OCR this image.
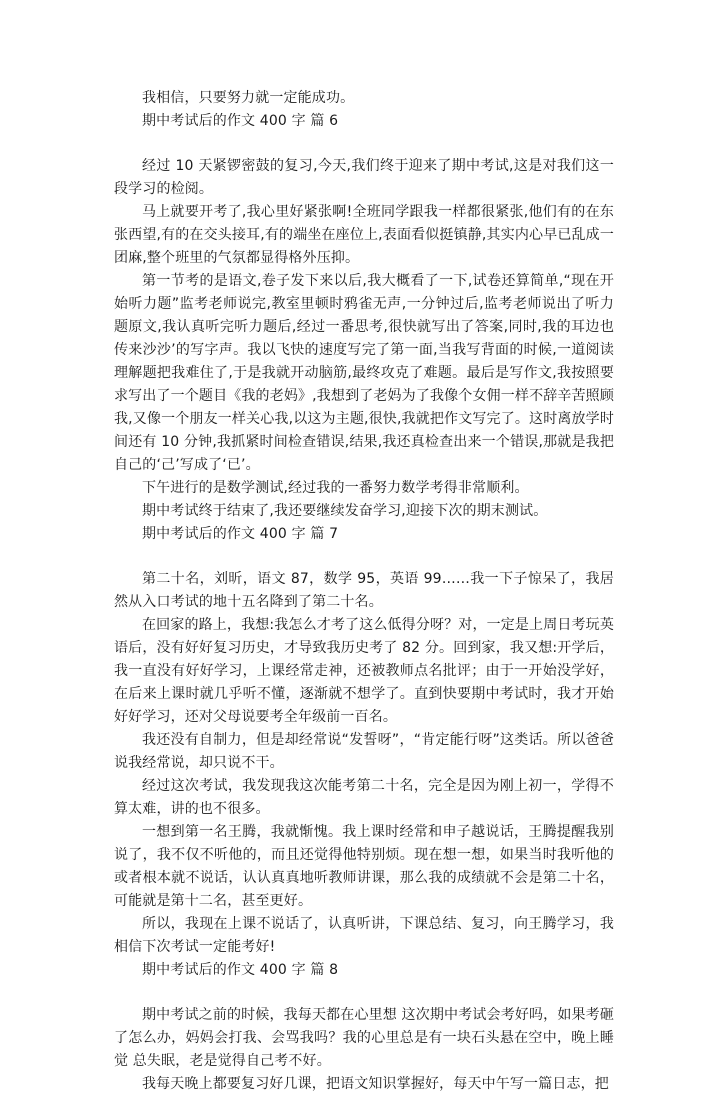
我相信，只要努力就一定能成功。

期中考试后的作文 400 字 篇 6

经过 10 天紧锣密鼓的复习,今天,我们终于迎来了期中考试,这是对我们这一段学习的检阅。

马上就要开考了,我心里好紧张啊!全班同学跟我一样都很紧张,他们有的在东张西望,有的在交头接耳,有的端坐在座位上,表面看似挺镇静,其实内心早已乱成一团麻,整个班里的气氛都显得格外压抑。

第一节考的是语文,卷子发下来以后,我大概看了一下,试卷还算简单,“现在开始听力题”监考老师说完,教室里顿时鸦雀无声,一分钟过后,监考老师说出了听力题原文,我认真听完听力题后,经过一番思考,很快就写出了答案,同时,我的耳边也传来沙沙’的写字声。我以飞快的速度写完了第一面,当我写背面的时候,一道阅读理解题把我难住了,于是我就开动脑筋,最终攻克了难题。最后是写作文,我按照要求写出了一个题目《我的老妈》,我想到了老妈为了我像个女佣一样不辞辛苦照顾我,又像一个朋友一样关心我,以这为主题,很快,我就把作文写完了。这时离放学时间还有 10 分钟,我抓紧时间检查错误,结果,我还真检查出来一个错误,那就是我把自己的‘己’写成了‘已’。

下午进行的是数学测试,经过我的一番努力数学考得非常顺利。

期中考试终于结束了,我还要继续发奋学习,迎接下次的期末测试。

期中考试后的作文 400 字 篇 7

第二十名，刘昕，语文 87，数学 95，英语 99……我一下子惊呆了，我居然从入口考试的地十五名降到了第二十名。

在回家的路上，我想:我怎么才考了这么低得分呀？对，一定是上周日考玩英语后，没有好好复习历史，才导致我历史考了 82 分。回到家，我又想:开学后，我一直没有好好学习，上课经常走神，还被教师点名批评；由于一开始没学好，在后来上课时就几乎听不懂，逐渐就不想学了。直到快要期中考试时，我才开始好好学习，还对父母说要考全年级前一百名。

我还没有自制力，但是却经常说“发誓呀”，“肯定能行呀”这类话。所以爸爸说我经常说，却只说不干。

经过这次考试，我发现我这次能考第二十名，完全是因为刚上初一，学得不算太难，讲的也不很多。

一想到第一名王腾，我就惭愧。我上课时经常和申子越说话，王腾提醒我别说了，我不仅不听他的，而且还觉得他特别烦。现在想一想，如果当时我听他的或者根本就不说话，认认真真地听教师讲课，那么我的成绩就不会是第二十名，可能就是第十二名，甚至更好。

所以，我现在上课不说话了，认真听讲，下课总结、复习，向王腾学习，我相信下次考试一定能考好!

期中考试后的作文 400 字 篇 8

期中考试之前的时候，我每天都在心里想 这次期中考试会考好吗，如果考砸了怎么办，妈妈会打我、会骂我吗？我的心里总是有一块石头悬在空中，晚上睡觉 总失眠，老是觉得自己考不好。

我每天晚上都要复习好几课，把语文知识掌握好，每天中午写一篇日志，把
